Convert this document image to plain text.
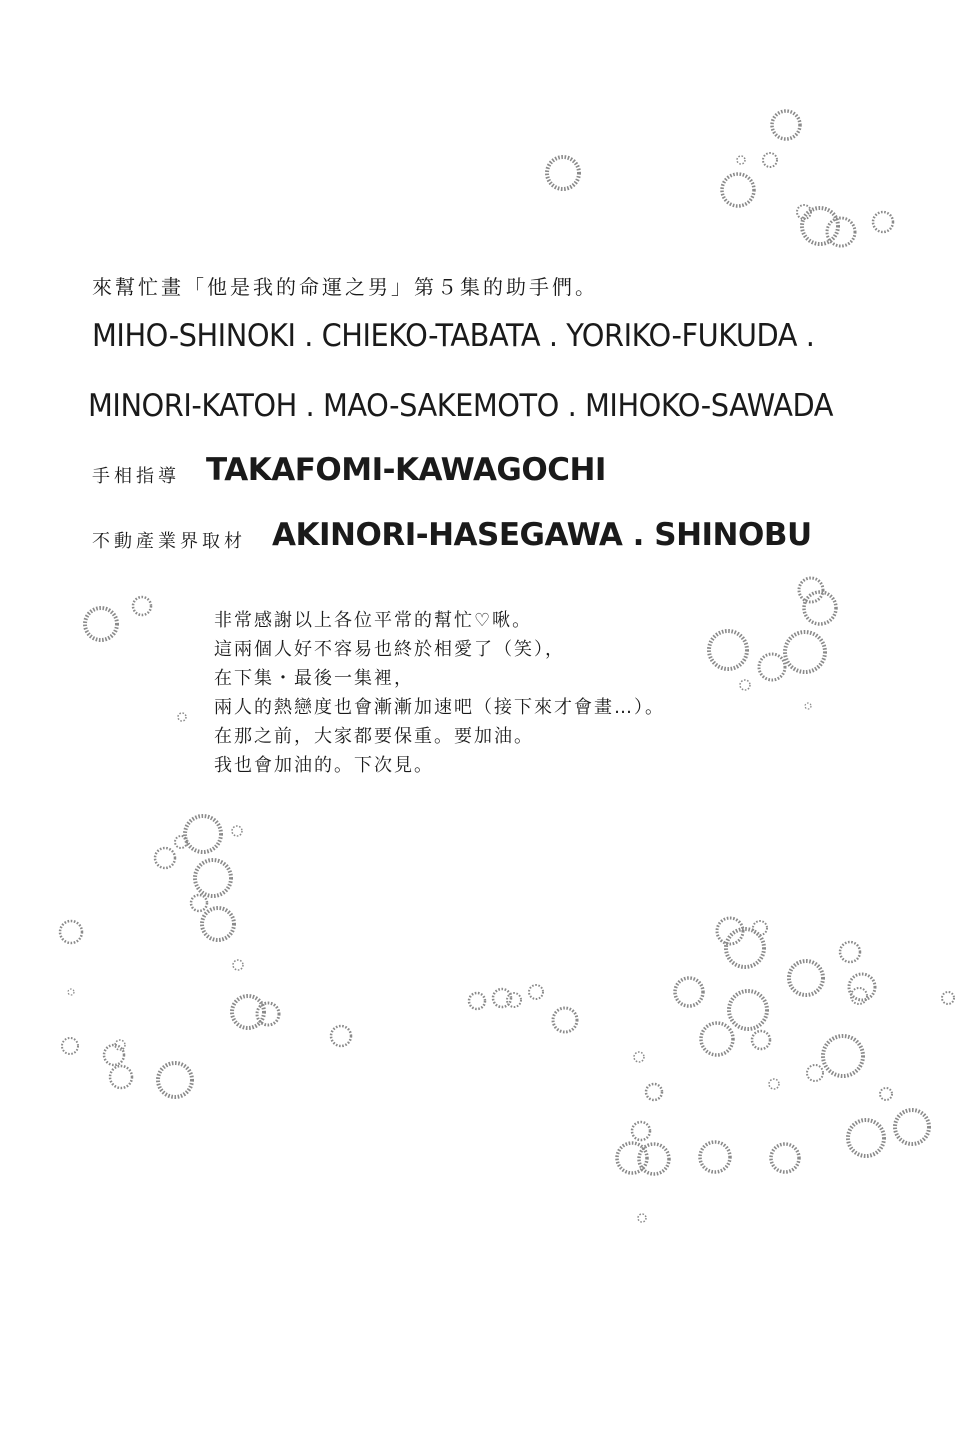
來幫忙畫「他是我的命運之男」第５集的助手們。
MIHO-SHINOKI . CHIEKO-TABATA . YORIKO-FUKUDA .
MINORI-KATOH . MAO-SAKEMOTO . MIHOKO-SAWADA
手相指導 TAKAFOMI-KAWAGOCHI
不動產業界取材 AKINORI-HASEGAWA . SHINOBU
非常感謝以上各位平常的幫忙♡啾。
這兩個人好不容易也終於相愛了（笑），
在下集・最後一集裡，
兩人的熱戀度也會漸漸加速吧（接下來才會畫…）。
在那之前，大家都要保重。要加油。
我也會加油的。下次見。
